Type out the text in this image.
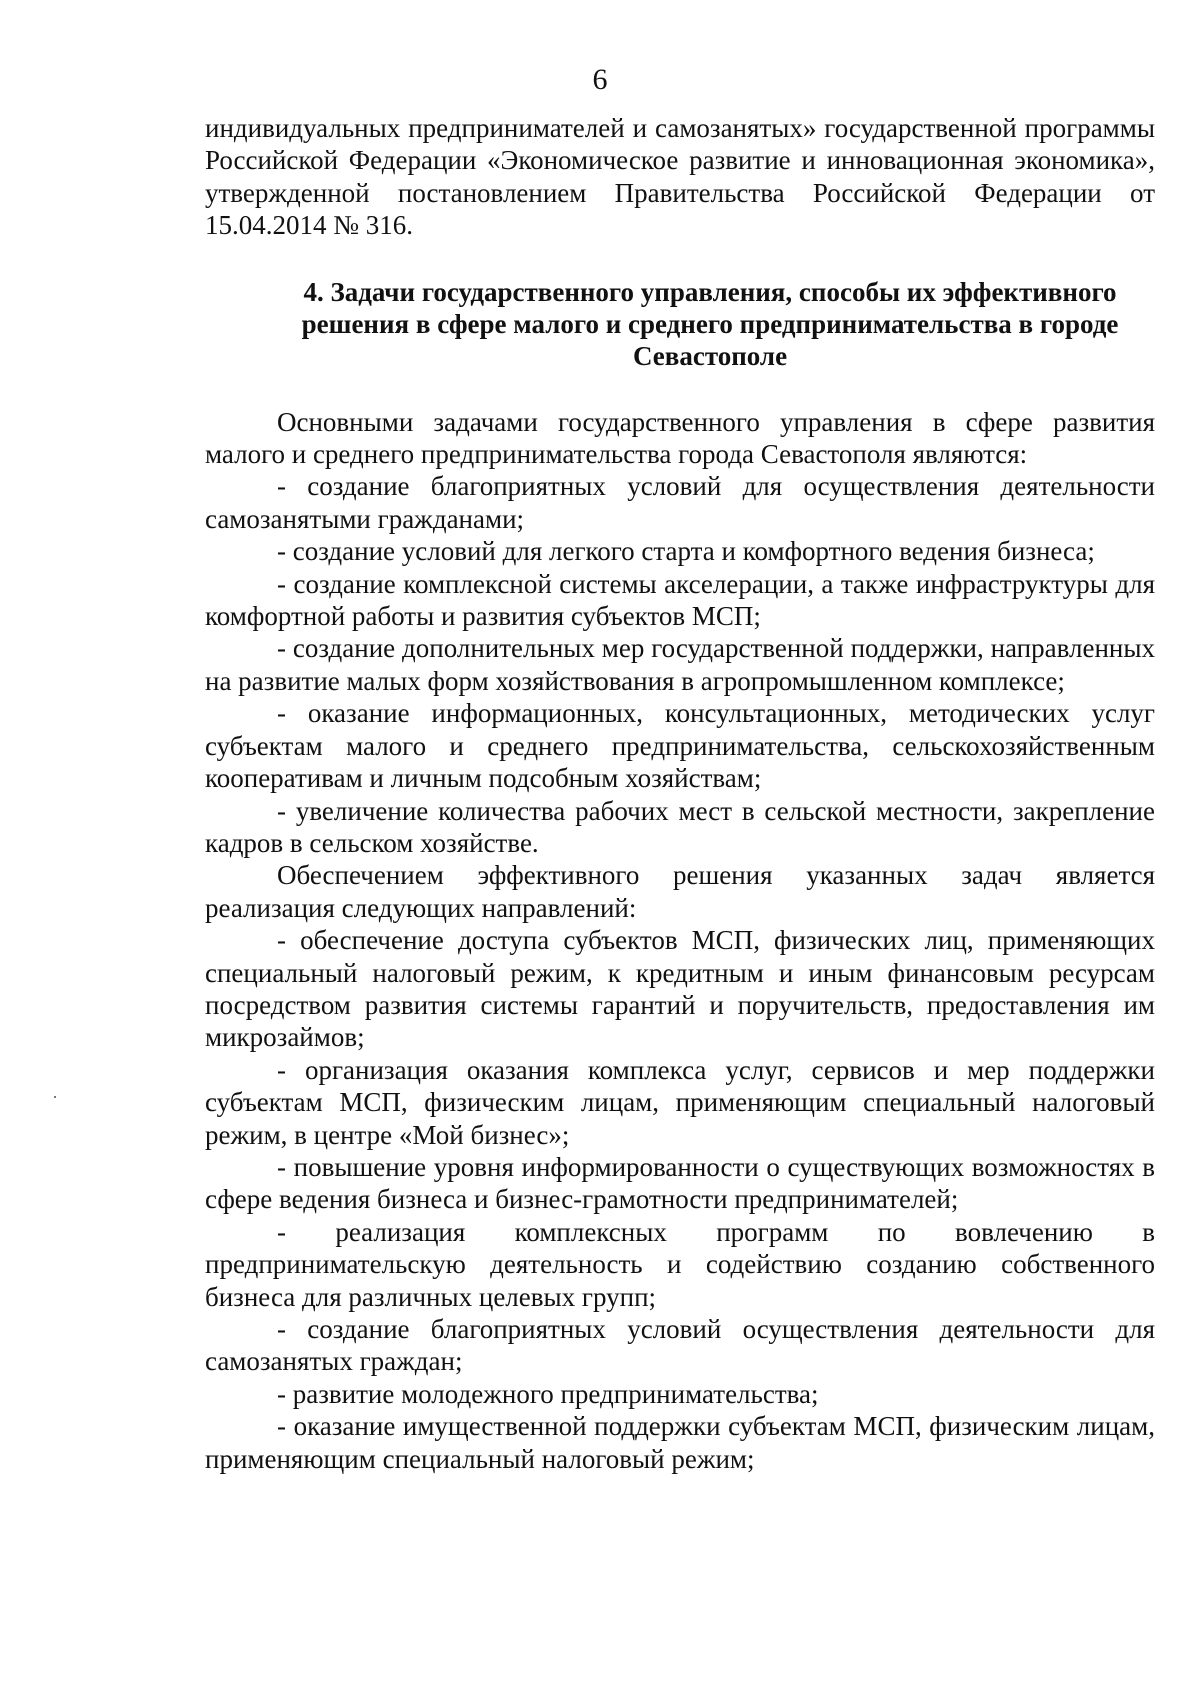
6

индивидуальных предпринимателей и самозанятых» государственной программы Российской Федерации «Экономическое развитие и инновационная экономика», утвержденной постановлением Правительства Российской Федерации от 15.04.2014 № 316.

4. Задачи государственного управления, способы их эффективного решения в сфере малого и среднего предпринимательства в городе Севастополе

Основными задачами государственного управления в сфере развития малого и среднего предпринимательства города Севастополя являются:

- создание благоприятных условий для осуществления деятельности самозанятыми гражданами;

- создание условий для легкого старта и комфортного ведения бизнеса;

- создание комплексной системы акселерации, а также инфраструктуры для комфортной работы и развития субъектов МСП;

- создание дополнительных мер государственной поддержки, направленных на развитие малых форм хозяйствования в агропромышленном комплексе;

- оказание информационных, консультационных, методических услуг субъектам малого и среднего предпринимательства, сельскохозяйственным кооперативам и личным подсобным хозяйствам;

- увеличение количества рабочих мест в сельской местности, закрепление кадров в сельском хозяйстве.

Обеспечением эффективного решения указанных задач является реализация следующих направлений:

- обеспечение доступа субъектов МСП, физических лиц, применяющих специальный налоговый режим, к кредитным и иным финансовым ресурсам посредством развития системы гарантий и поручительств, предоставления им микрозаймов;

- организация оказания комплекса услуг, сервисов и мер поддержки субъектам МСП, физическим лицам, применяющим специальный налоговый режим, в центре «Мой бизнес»;

- повышение уровня информированности о существующих возможностях в сфере ведения бизнеса и бизнес-грамотности предпринимателей;

- реализация комплексных программ по вовлечению в предпринимательскую деятельность и содействию созданию собственного бизнеса для различных целевых групп;

- создание благоприятных условий осуществления деятельности для самозанятых граждан;

- развитие молодежного предпринимательства;

- оказание имущественной поддержки субъектам МСП, физическим лицам, применяющим специальный налоговый режим;
